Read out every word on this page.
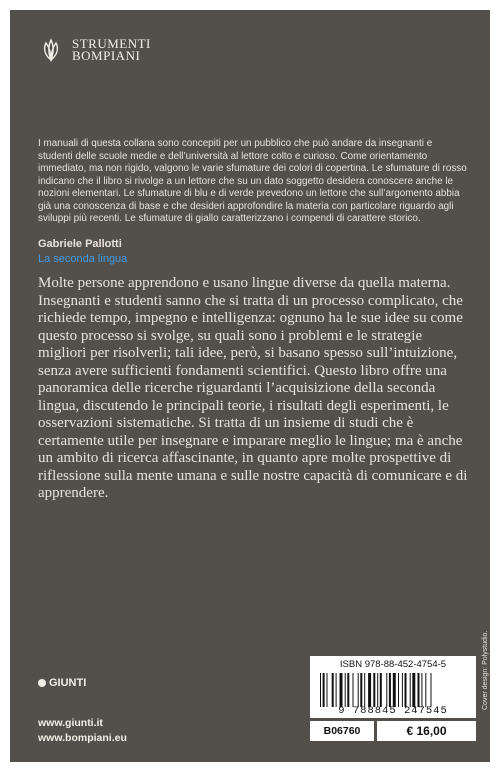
STRUMENTI
BOMPIANI

I manuali di questa collana sono concepiti per un pubblico che può andare da insegnanti e studenti delle scuole medie e dell’università al lettore colto e curioso. Come orientamento immediato, ma non rigido, valgono le varie sfumature dei colori di copertina. Le sfumature di rosso indicano che il libro si rivolge a un lettore che su un dato soggetto desidera conoscere anche le nozioni elementari. Le sfumature di blu e di verde prevedono un lettore che sull’argomento abbia già una conoscenza di base e che desideri approfondire la materia con particolare riguardo agli sviluppi più recenti. Le sfumature di giallo caratterizzano i compendi di carattere storico.

Gabriele Pallotti

La seconda lingua

Molte persone apprendono e usano lingue diverse da quella materna. Insegnanti e studenti sanno che si tratta di un processo complicato, che richiede tempo, impegno e intelligenza: ognuno ha le sue idee su come questo processo si svolge, su quali sono i problemi e le strategie migliori per risolverli; tali idee, però, si basano spesso sull’intuizione, senza avere sufficienti fondamenti scientifici. Questo libro offre una panoramica delle ricerche riguardanti l’acquisizione della seconda lingua, discutendo le principali teorie, i risultati degli esperimenti, le osservazioni sistematiche. Si tratta di un insieme di studi che è certamente utile per insegnare e imparare meglio le lingue; ma è anche un ambito di ricerca affascinante, in quanto apre molte prospettive di riflessione sulla mente umana e sulle nostre capacità di comunicare e di apprendere.

GIUNTI
www.giunti.it
www.bompiani.eu
ISBN 978-88-452-4754-5
9 788845 247545
B06760	€ 16,00
Cover design: Polystudio.
